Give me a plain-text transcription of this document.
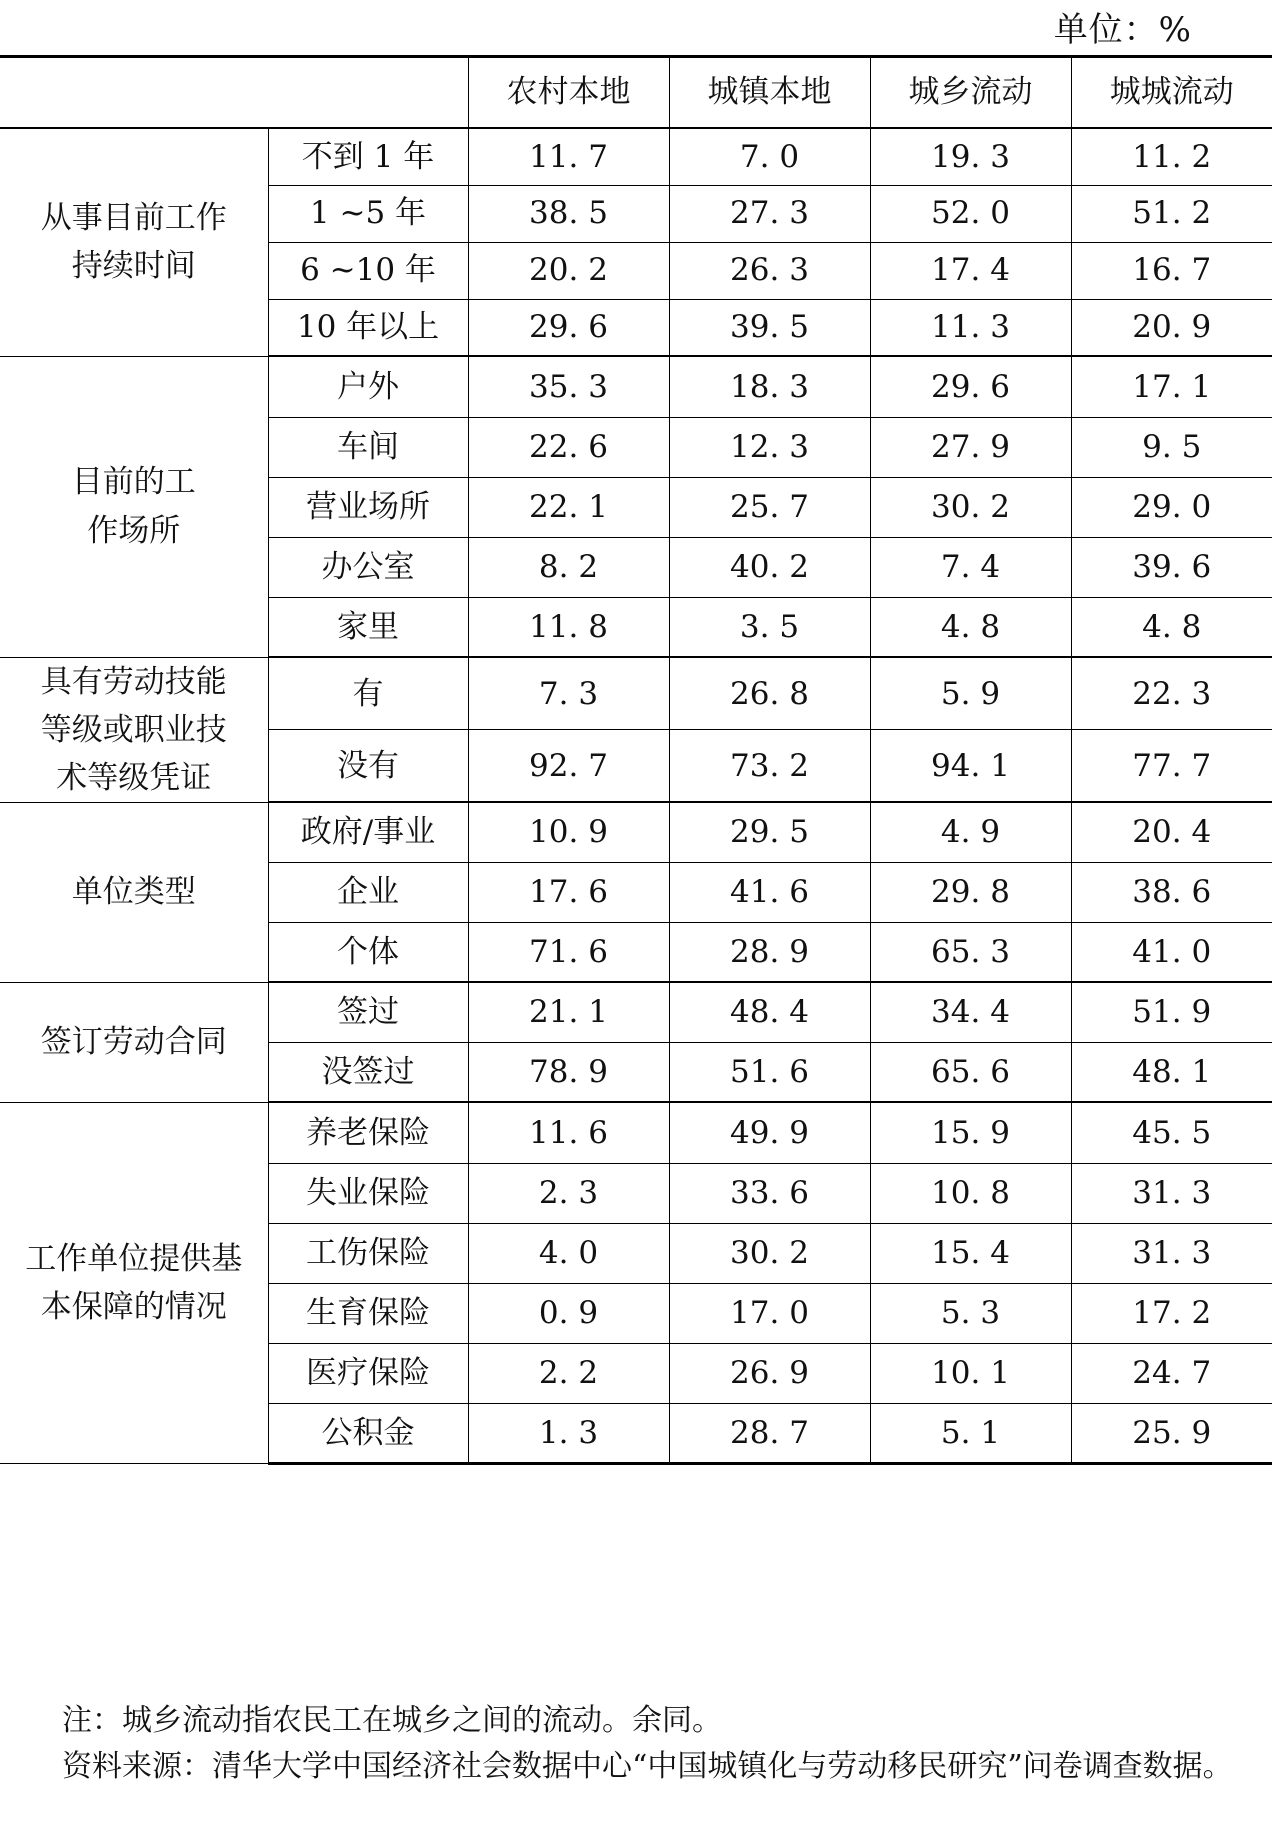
单位：%
		农村本地	城镇本地	城乡流动	城城流动
从事目前工作持续时间	不到 1 年	11. 7	7. 0	19. 3	11. 2
	1 ~5 年	38. 5	27. 3	52. 0	51. 2
	6 ~10 年	20. 2	26. 3	17. 4	16. 7
	10 年以上	29. 6	39. 5	11. 3	20. 9
目前的工作场所	户外	35. 3	18. 3	29. 6	17. 1
	车间	22. 6	12. 3	27. 9	9. 5
	营业场所	22. 1	25. 7	30. 2	29. 0
	办公室	8. 2	40. 2	7. 4	39. 6
	家里	11. 8	3. 5	4. 8	4. 8
具有劳动技能等级或职业技术等级凭证	有	7. 3	26. 8	5. 9	22. 3
	没有	92. 7	73. 2	94. 1	77. 7
单位类型	政府/事业	10. 9	29. 5	4. 9	20. 4
	企业	17. 6	41. 6	29. 8	38. 6
	个体	71. 6	28. 9	65. 3	41. 0
签订劳动合同	签过	21. 1	48. 4	34. 4	51. 9
	没签过	78. 9	51. 6	65. 6	48. 1
工作单位提供基本保障的情况	养老保险	11. 6	49. 9	15. 9	45. 5
	失业保险	2. 3	33. 6	10. 8	31. 3
	工伤保险	4. 0	30. 2	15. 4	31. 3
	生育保险	0. 9	17. 0	5. 3	17. 2
	医疗保险	2. 2	26. 9	10. 1	24. 7
	公积金	1. 3	28. 7	5. 1	25. 9

注：城乡流动指农民工在城乡之间的流动。余同。

资料来源：清华大学中国经济社会数据中心“中国城镇化与劳动移民研究”问卷调查数据。
